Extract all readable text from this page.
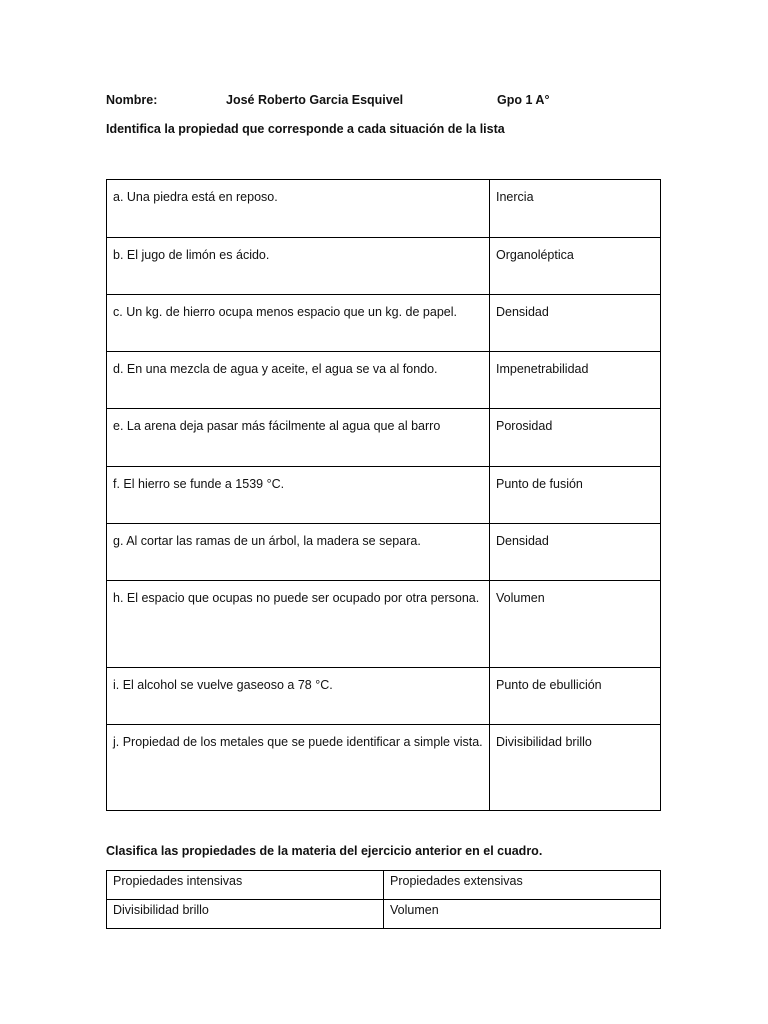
Nombre:	José Roberto Garcia Esquivel	Gpo 1 A°
Identifica la propiedad que corresponde a cada situación de la lista
a. Una piedra está en reposo.	Inercia
b. El jugo de limón es ácido.	Organoléptica
c. Un kg. de hierro ocupa menos espacio que un kg. de papel.	Densidad
d. En una mezcla de agua y aceite, el agua se va al fondo.	Impenetrabilidad
e. La arena deja pasar más fácilmente al agua que al barro	Porosidad
f. El hierro se funde a 1539 °C.	Punto de fusión
g. Al cortar las ramas de un árbol, la madera se separa.	Densidad
h. El espacio que ocupas no puede ser ocupado por otra persona.	Volumen
i. El alcohol se vuelve gaseoso a 78 °C.	Punto de ebullición
j. Propiedad de los metales que se puede identificar a simple vista.	Divisibilidad brillo
Clasifica las propiedades de la materia del ejercicio anterior en el cuadro.
Propiedades intensivas	Propiedades extensivas
Divisibilidad brillo	Volumen
